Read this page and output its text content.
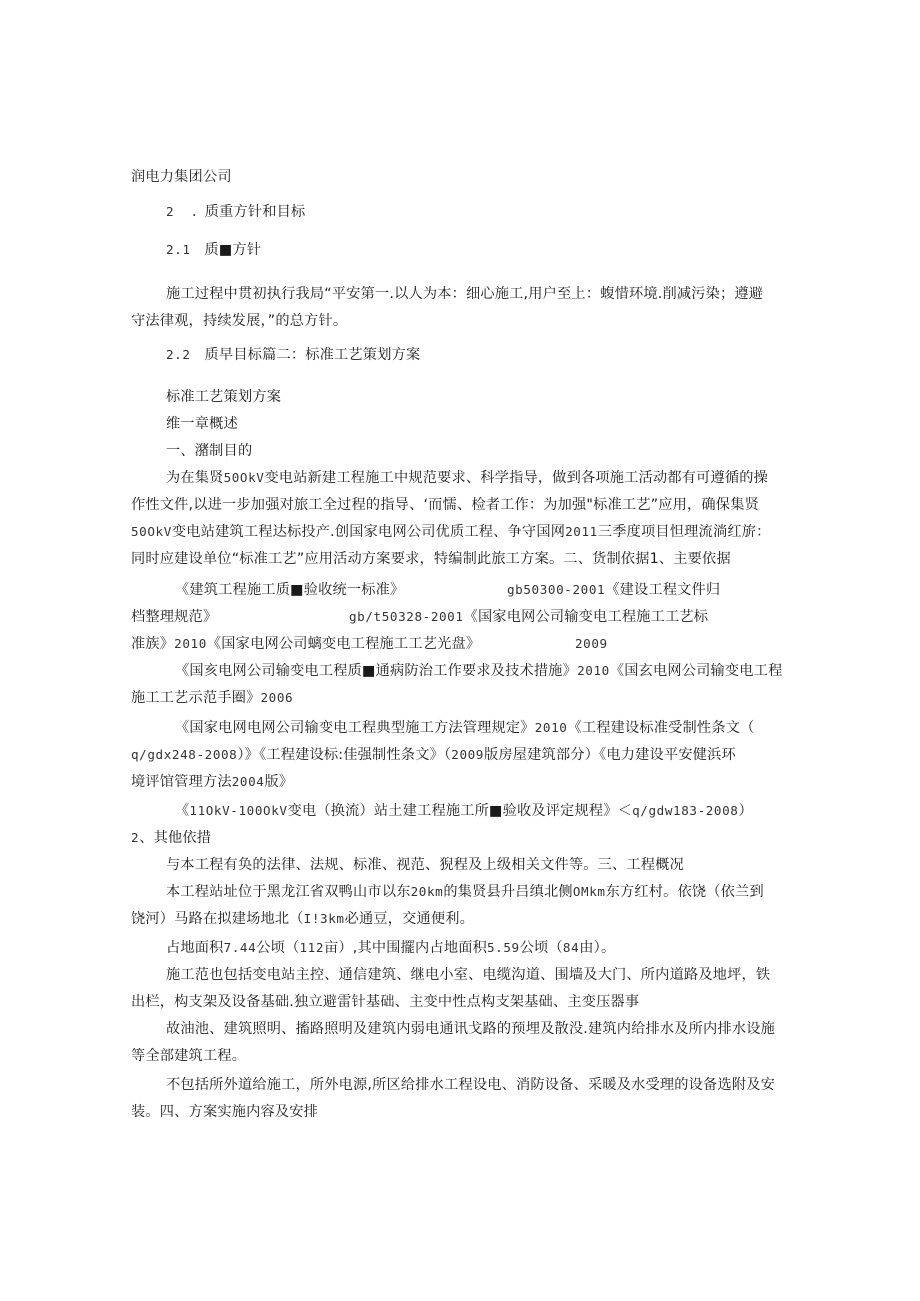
润电力集团公司
2  . 质重方针和目标
2.1 质■方针
施工过程中贯初执行我局“平安第一.以人为本：细心施工,用户至上：蝮惜环境.削减污染；遵避
守法律观，持续发展，”的总方针。
2.2 质早目标篇二：标准工艺策划方案
标准工艺策划方案
维一章概述
一、潴制目的
为在集贤50OkV变电站新建工程施工中规范要求、科学指导，做到各项施工活动都有可遵循的操
作性文件,以进一步加强对旅工全过程的指导、‘而懦、检者工作：为加强"标准工艺”应用，确保集贤
50OkV变电站建筑工程达标投产.创国家电网公司优质工程、争守国网2011三季度项目怛理流淌红旂：
同时应建设单位“标准工艺”应用活动方案要求，特编制此旅工方案。二、货制依据1、主要依据
《建筑工程施工质■验收统一标准》	gb50300-2001《建设工程文件归
档整理规范》	gb/t50328-2001《国家电网公司输变电工程施工工艺标
准族》2010《国家电网公司螭变电工程施工工艺光盘》	2009
《国亥电网公司输变电工程质■通病防治工作要求及技术措施》2010《国玄电网公司输变电工程
施工工艺示范手圈》2006
《国家电网电网公司输变电工程典型施工方法管理规定》2010《工程建设标准受制性条文（
q/gdx248-2008）》《工程建设标:佳强制性条文》（2009版房屋建筑部分）《电力建设平安健浜环
境评馆管理方法2004版》
《11OkV-100OkV变电（换流）站土建工程施工所■验收及评定规程》＜q/gdw183-2008）
2、其他依措
与本工程有奂的法律、法规、标准、视范、猊程及上级相关文件等。三、工程概况
本工程站址位于黑龙江省双鸭山市以东20km的集贤县升吕缜北侧OMkm东方红村。依饶（依兰到
饶河）马路在拟建场地北（I!3km必通豆，交通便利。
占地面积7.44公顷（112亩）,其中围擺内占地面积5.59公顷（84由）。
施工范也包括变电站主控、通信建筑、继电小室、电缆沟道、围墙及大门、所内道路及地坪，铁
出栏，构支架及设备基础.独立避雷针基础、主变中性点构支架基础、主变压器事
故油池、建筑照明、搐路照明及建筑内弱电通讯戈路的预埋及散没.建筑内给排水及所内排水设施
等全部建筑工程。
不包括所外道给施工，所外电源,所区给排水工程设电、消防设备、采暖及水受理的设备选附及安
装。四、方案实施内容及安排
